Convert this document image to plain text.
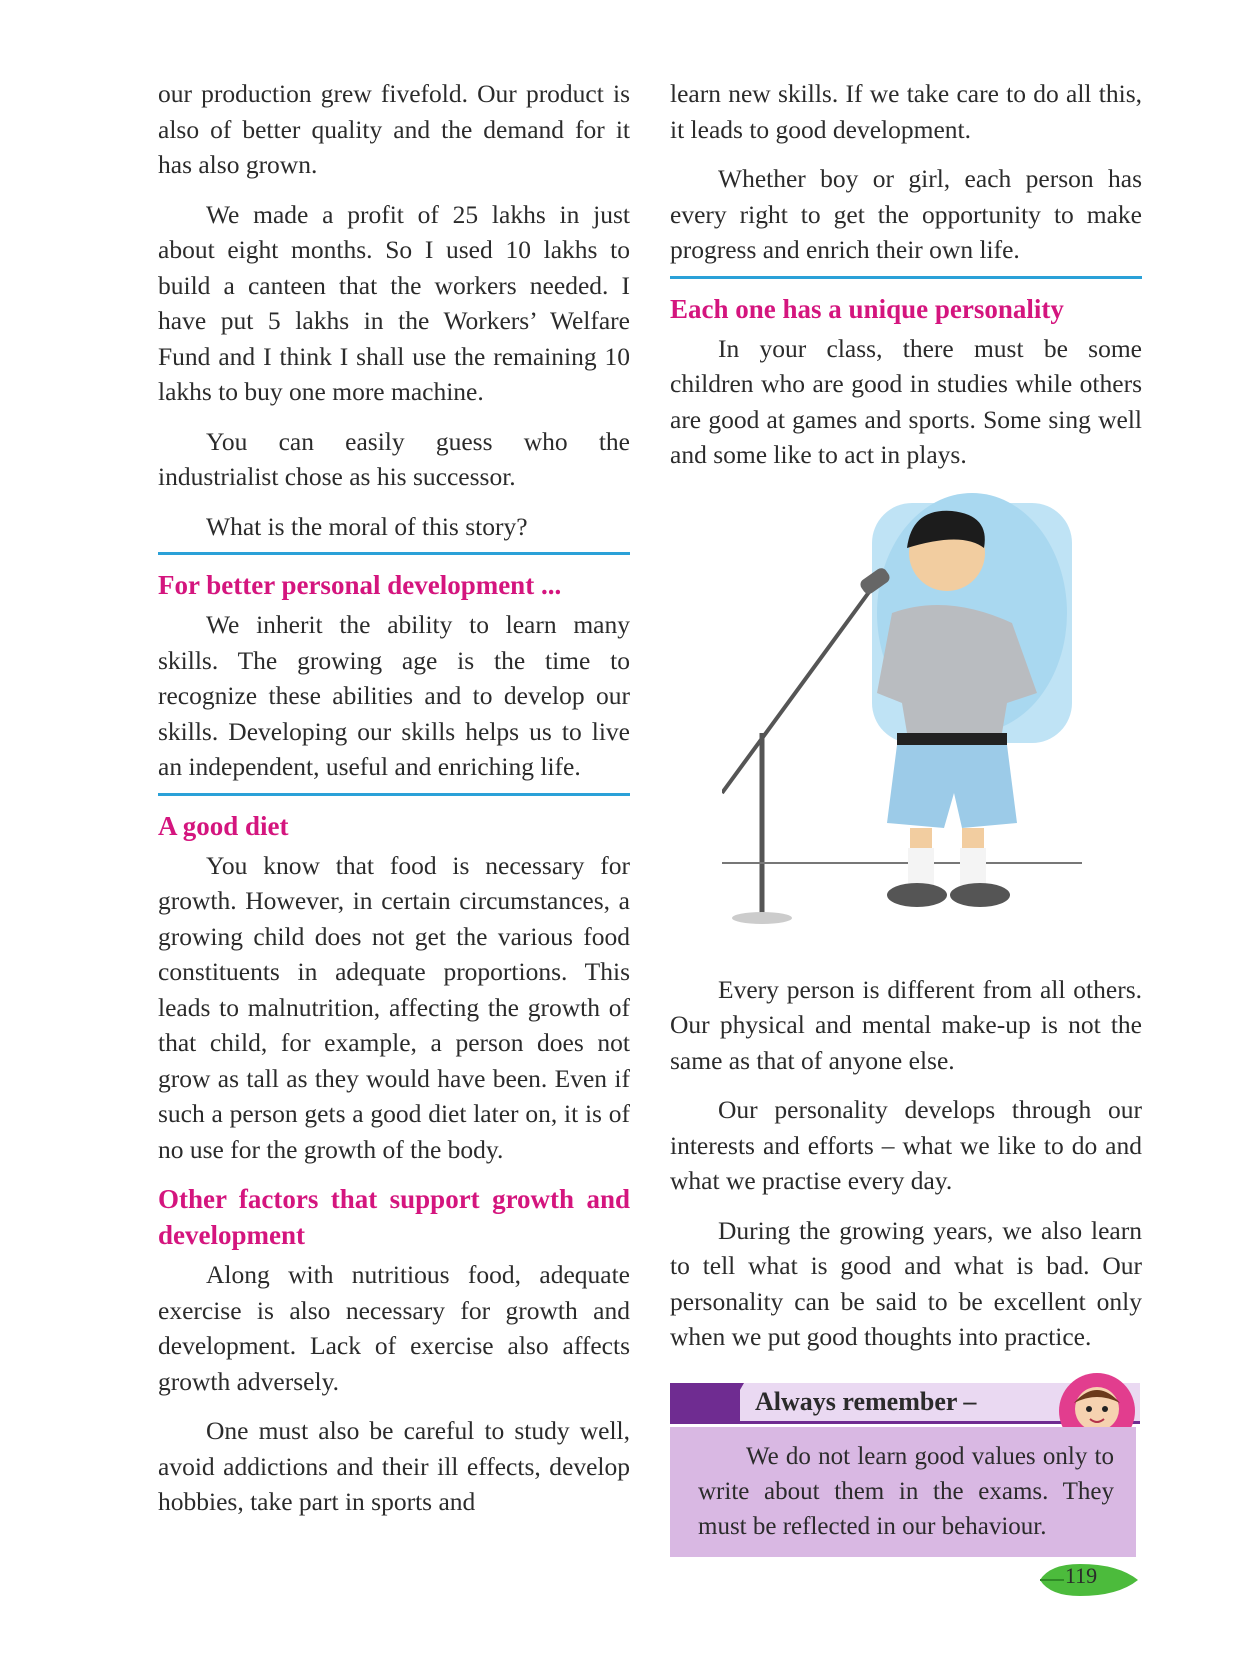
our production grew fivefold. Our product is also of better quality and the demand for it has also grown.

We made a profit of 25 lakhs in just about eight months. So I used 10 lakhs to build a canteen that the workers needed. I have put 5 lakhs in the Workers’ Welfare Fund and I think I shall use the remaining 10 lakhs to buy one more machine.

You can easily guess who the industrialist chose as his successor.

What is the moral of this story?

For better personal development ...

We inherit the ability to learn many skills. The growing age is the time to recognize these abilities and to develop our skills. Developing our skills helps us to live an independent, useful and enriching life.

A good diet

You know that food is necessary for growth. However, in certain circumstances, a growing child does not get the various food constituents in adequate proportions. This leads to malnutrition, affecting the growth of that child, for example, a person does not grow as tall as they would have been. Even if such a person gets a good diet later on, it is of no use for the growth of the body.

Other factors that support growth and development

Along with nutritious food, adequate exercise is also necessary for growth and development. Lack of exercise also affects growth adversely.

One must also be careful to study well, avoid addictions and their ill effects, develop hobbies, take part in sports and

learn new skills. If we take care to do all this, it leads to good development.

Whether boy or girl, each person has every right to get the opportunity to make progress and enrich their own life.

Each one has a unique personality

In your class, there must be some children who are good in studies while others are good at games and sports. Some sing well and some like to act in plays.

Every person is different from all others. Our physical and mental make-up is not the same as that of anyone else.

Our personality develops through our interests and efforts – what we like to do and what we practise every day.

During the growing years, we also learn to tell what is good and what is bad. Our personality can be said to be excellent only when we put good thoughts into practice.

Always remember –

We do not learn good values only to write about them in the exams. They must be reflected in our behaviour.

119
